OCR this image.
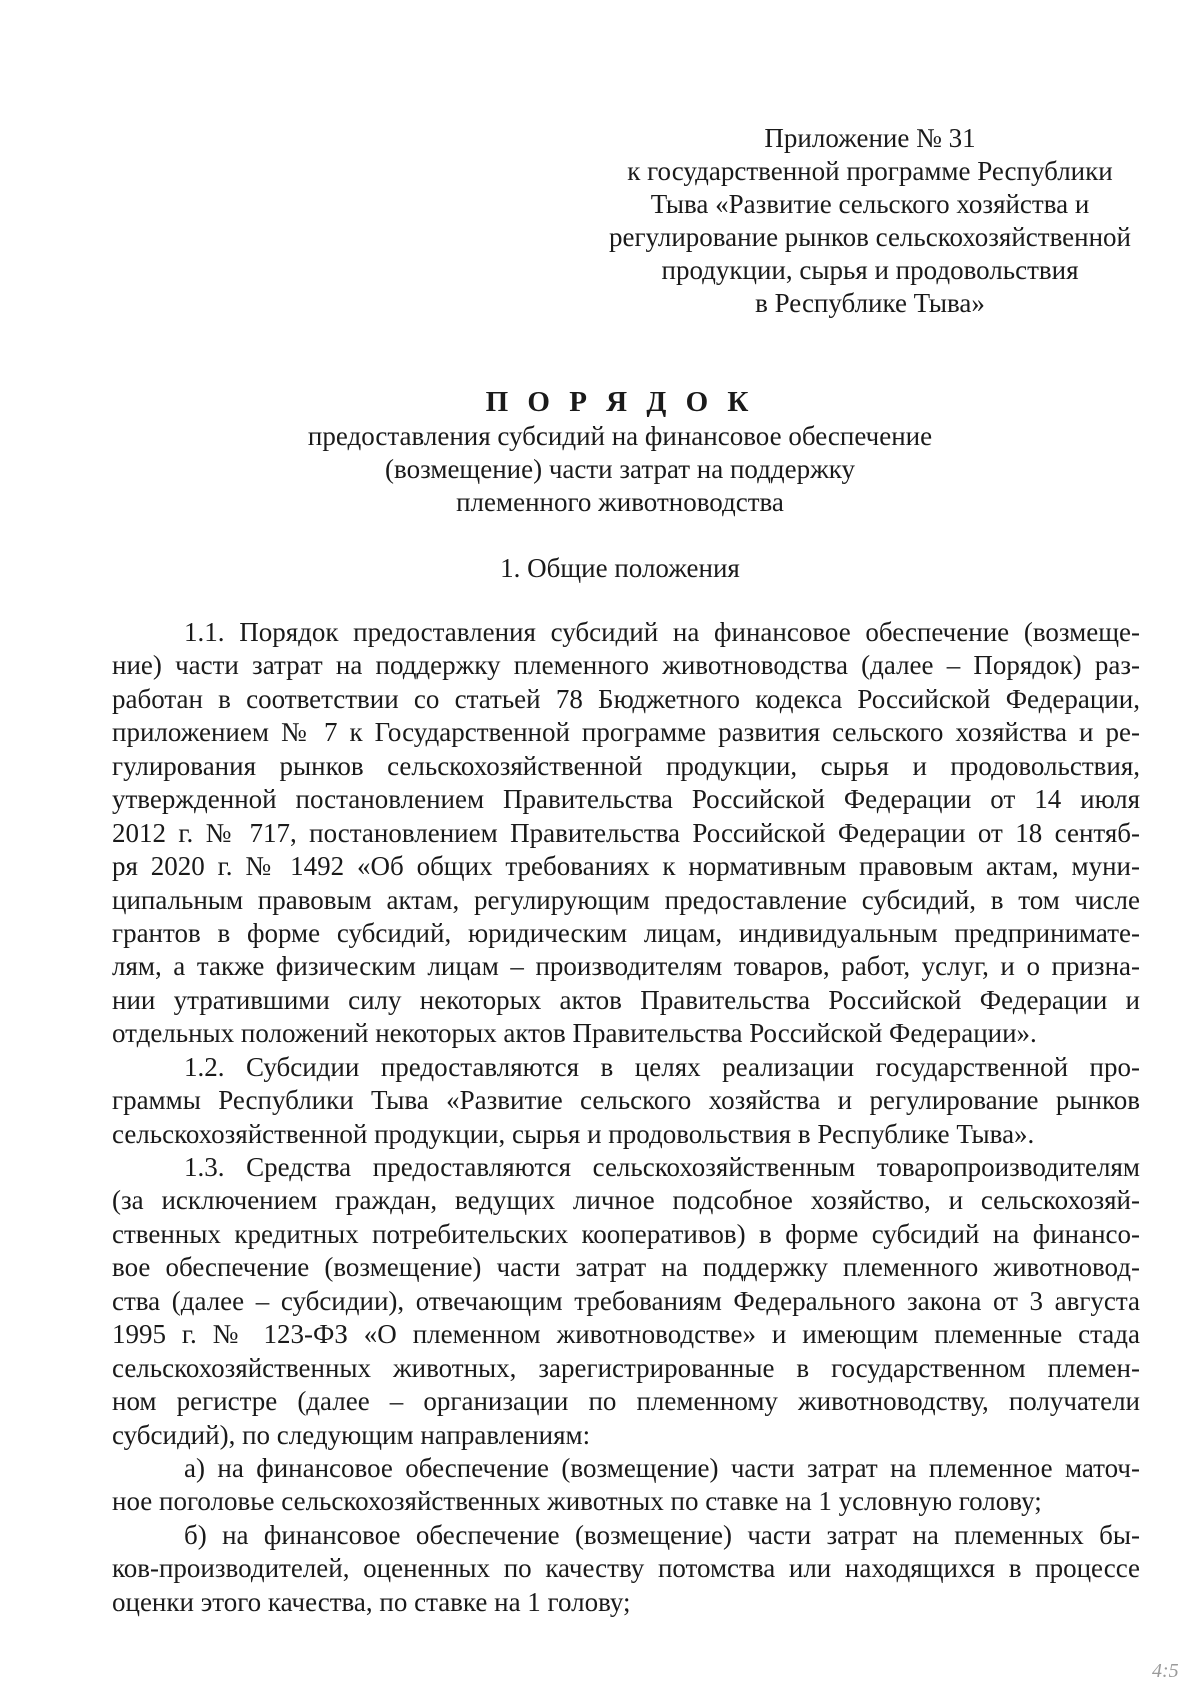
Приложение № 31
к государственной программе Республики
Тыва «Развитие сельского хозяйства и
регулирование рынков сельскохозяйственной
продукции, сырья и продовольствия
в Республике Тыва»
П О Р Я Д О К
предоставления субсидий на финансовое обеспечение
(возмещение) части затрат на поддержку
племенного животноводства
1. Общие положения
1.1. Порядок предоставления субсидий на финансовое обеспечение (возмеще-
ние) части затрат на поддержку племенного животноводства (далее – Порядок) раз-
работан в соответствии со статьей 78 Бюджетного кодекса Российской Федерации,
приложением № 7 к Государственной программе развития сельского хозяйства и ре-
гулирования рынков сельскохозяйственной продукции, сырья и продовольствия,
утвержденной постановлением Правительства Российской Федерации от 14 июля
2012 г. № 717, постановлением Правительства Российской Федерации от 18 сентяб-
ря 2020 г. № 1492 «Об общих требованиях к нормативным правовым актам, муни-
ципальным правовым актам, регулирующим предоставление субсидий, в том числе
грантов в форме субсидий, юридическим лицам, индивидуальным предпринимате-
лям, а также физическим лицам – производителям товаров, работ, услуг, и о призна-
нии утратившими силу некоторых актов Правительства Российской Федерации и
отдельных положений некоторых актов Правительства Российской Федерации».
1.2. Субсидии предоставляются в целях реализации государственной про-
граммы Республики Тыва «Развитие сельского хозяйства и регулирование рынков
сельскохозяйственной продукции, сырья и продовольствия в Республике Тыва».
1.3. Средства предоставляются сельскохозяйственным товаропроизводителям
(за исключением граждан, ведущих личное подсобное хозяйство, и сельскохозяй-
ственных кредитных потребительских кооперативов) в форме субсидий на финансо-
вое обеспечение (возмещение) части затрат на поддержку племенного животновод-
ства (далее – субсидии), отвечающим требованиям Федерального закона от 3 августа
1995 г. № 123-ФЗ «О племенном животноводстве» и имеющим племенные стада
сельскохозяйственных животных, зарегистрированные в государственном племен-
ном регистре (далее – организации по племенному животноводству, получатели
субсидий), по следующим направлениям:
а) на финансовое обеспечение (возмещение) части затрат на племенное маточ-
ное поголовье сельскохозяйственных животных по ставке на 1 условную голову;
б) на финансовое обеспечение (возмещение) части затрат на племенных бы-
ков-производителей, оцененных по качеству потомства или находящихся в процессе
оценки этого качества, по ставке на 1 голову;
4:5
